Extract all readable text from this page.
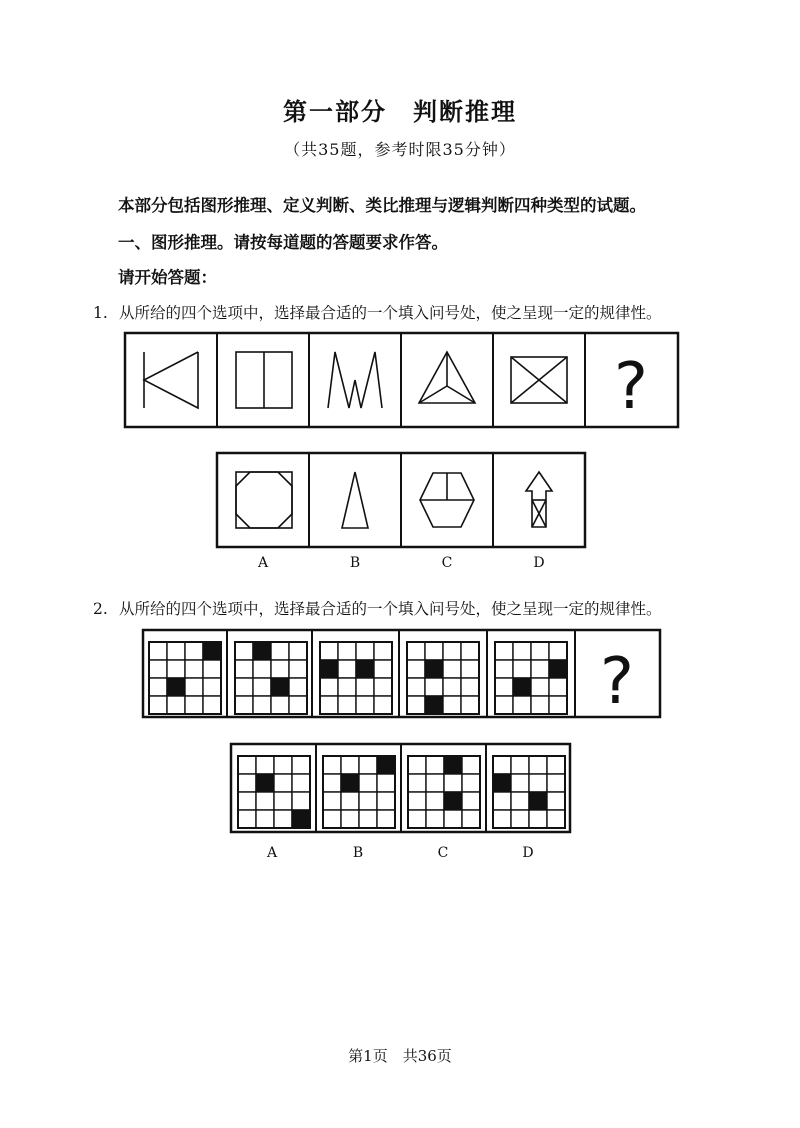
第一部分　判断推理
（共35题，参考时限35分钟）
本部分包括图形推理、定义判断、类比推理与逻辑判断四种类型的试题。
一、图形推理。请按每道题的答题要求作答。
请开始答题：
1. 从所给的四个选项中，选择最合适的一个填入问号处，使之呈现一定的规律性。
?
A	B	C	D
2. 从所给的四个选项中，选择最合适的一个填入问号处，使之呈现一定的规律性。
?
A	B	C	D
第1页　共36页
